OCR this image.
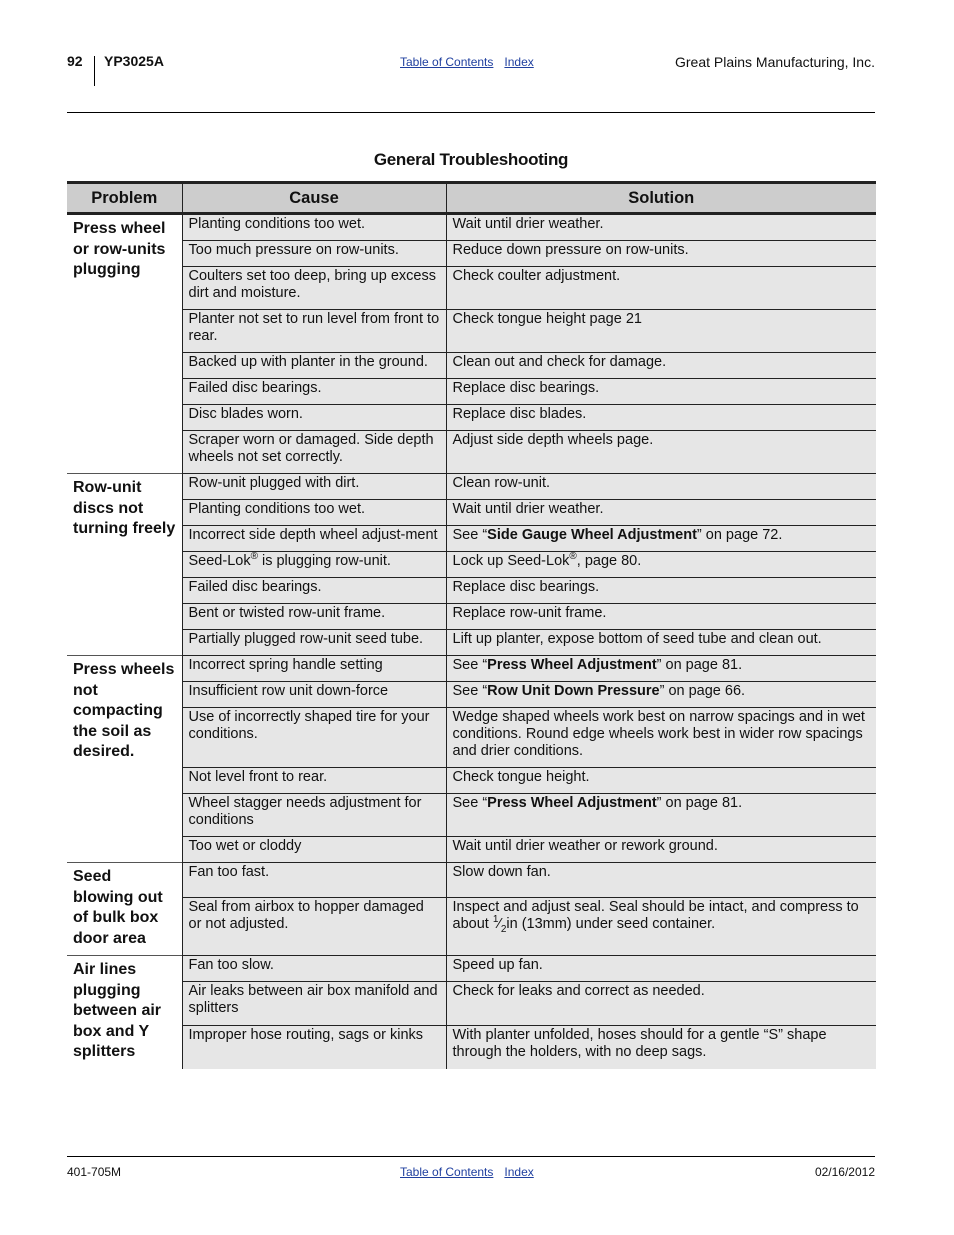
92 YP3025A	Table of Contents Index	Great Plains Manufacturing, Inc.
General Troubleshooting
Problem	Cause	Solution
Press wheel or row-units plugging	Planting conditions too wet.	Wait until drier weather.
	Too much pressure on row-units.	Reduce down pressure on row-units.
	Coulters set too deep, bring up excess dirt and moisture.	Check coulter adjustment.
	Planter not set to run level from front to rear.	Check tongue height page 21
	Backed up with planter in the ground.	Clean out and check for damage.
	Failed disc bearings.	Replace disc bearings.
	Disc blades worn.	Replace disc blades.
	Scraper worn or damaged. Side depth wheels not set correctly.	Adjust side depth wheels page.
Row-unit discs not turning freely	Row-unit plugged with dirt.	Clean row-unit.
	Planting conditions too wet.	Wait until drier weather.
	Incorrect side depth wheel adjust-ment	See “Side Gauge Wheel Adjustment” on page 72.
	Seed-Lok® is plugging row-unit.	Lock up Seed-Lok®, page 80.
	Failed disc bearings.	Replace disc bearings.
	Bent or twisted row-unit frame.	Replace row-unit frame.
	Partially plugged row-unit seed tube.	Lift up planter, expose bottom of seed tube and clean out.
Press wheels not compacting the soil as desired.	Incorrect spring handle setting	See “Press Wheel Adjustment” on page 81.
	Insufficient row unit down-force	See “Row Unit Down Pressure” on page 66.
	Use of incorrectly shaped tire for your conditions.	Wedge shaped wheels work best on narrow spacings and in wet conditions. Round edge wheels work best in wider row spacings and drier conditions.
	Not level front to rear.	Check tongue height.
	Wheel stagger needs adjustment for conditions	See “Press Wheel Adjustment” on page 81.
	Too wet or cloddy	Wait until drier weather or rework ground.
Seed blowing out of bulk box door area	Fan too fast.	Slow down fan.
	Seal from airbox to hopper damaged or not adjusted.	Inspect and adjust seal. Seal should be intact, and compress to about $^1⁄_2in$ (13mm) under seed container.
Air lines plugging between air box and Y splitters	Fan too slow.	Speed up fan.
	Air leaks between air box manifold and splitters	Check for leaks and correct as needed.
	Improper hose routing, sags or kinks	With planter unfolded, hoses should for a gentle “S” shape through the holders, with no deep sags.
401-705M	Table of Contents Index	02/16/2012
